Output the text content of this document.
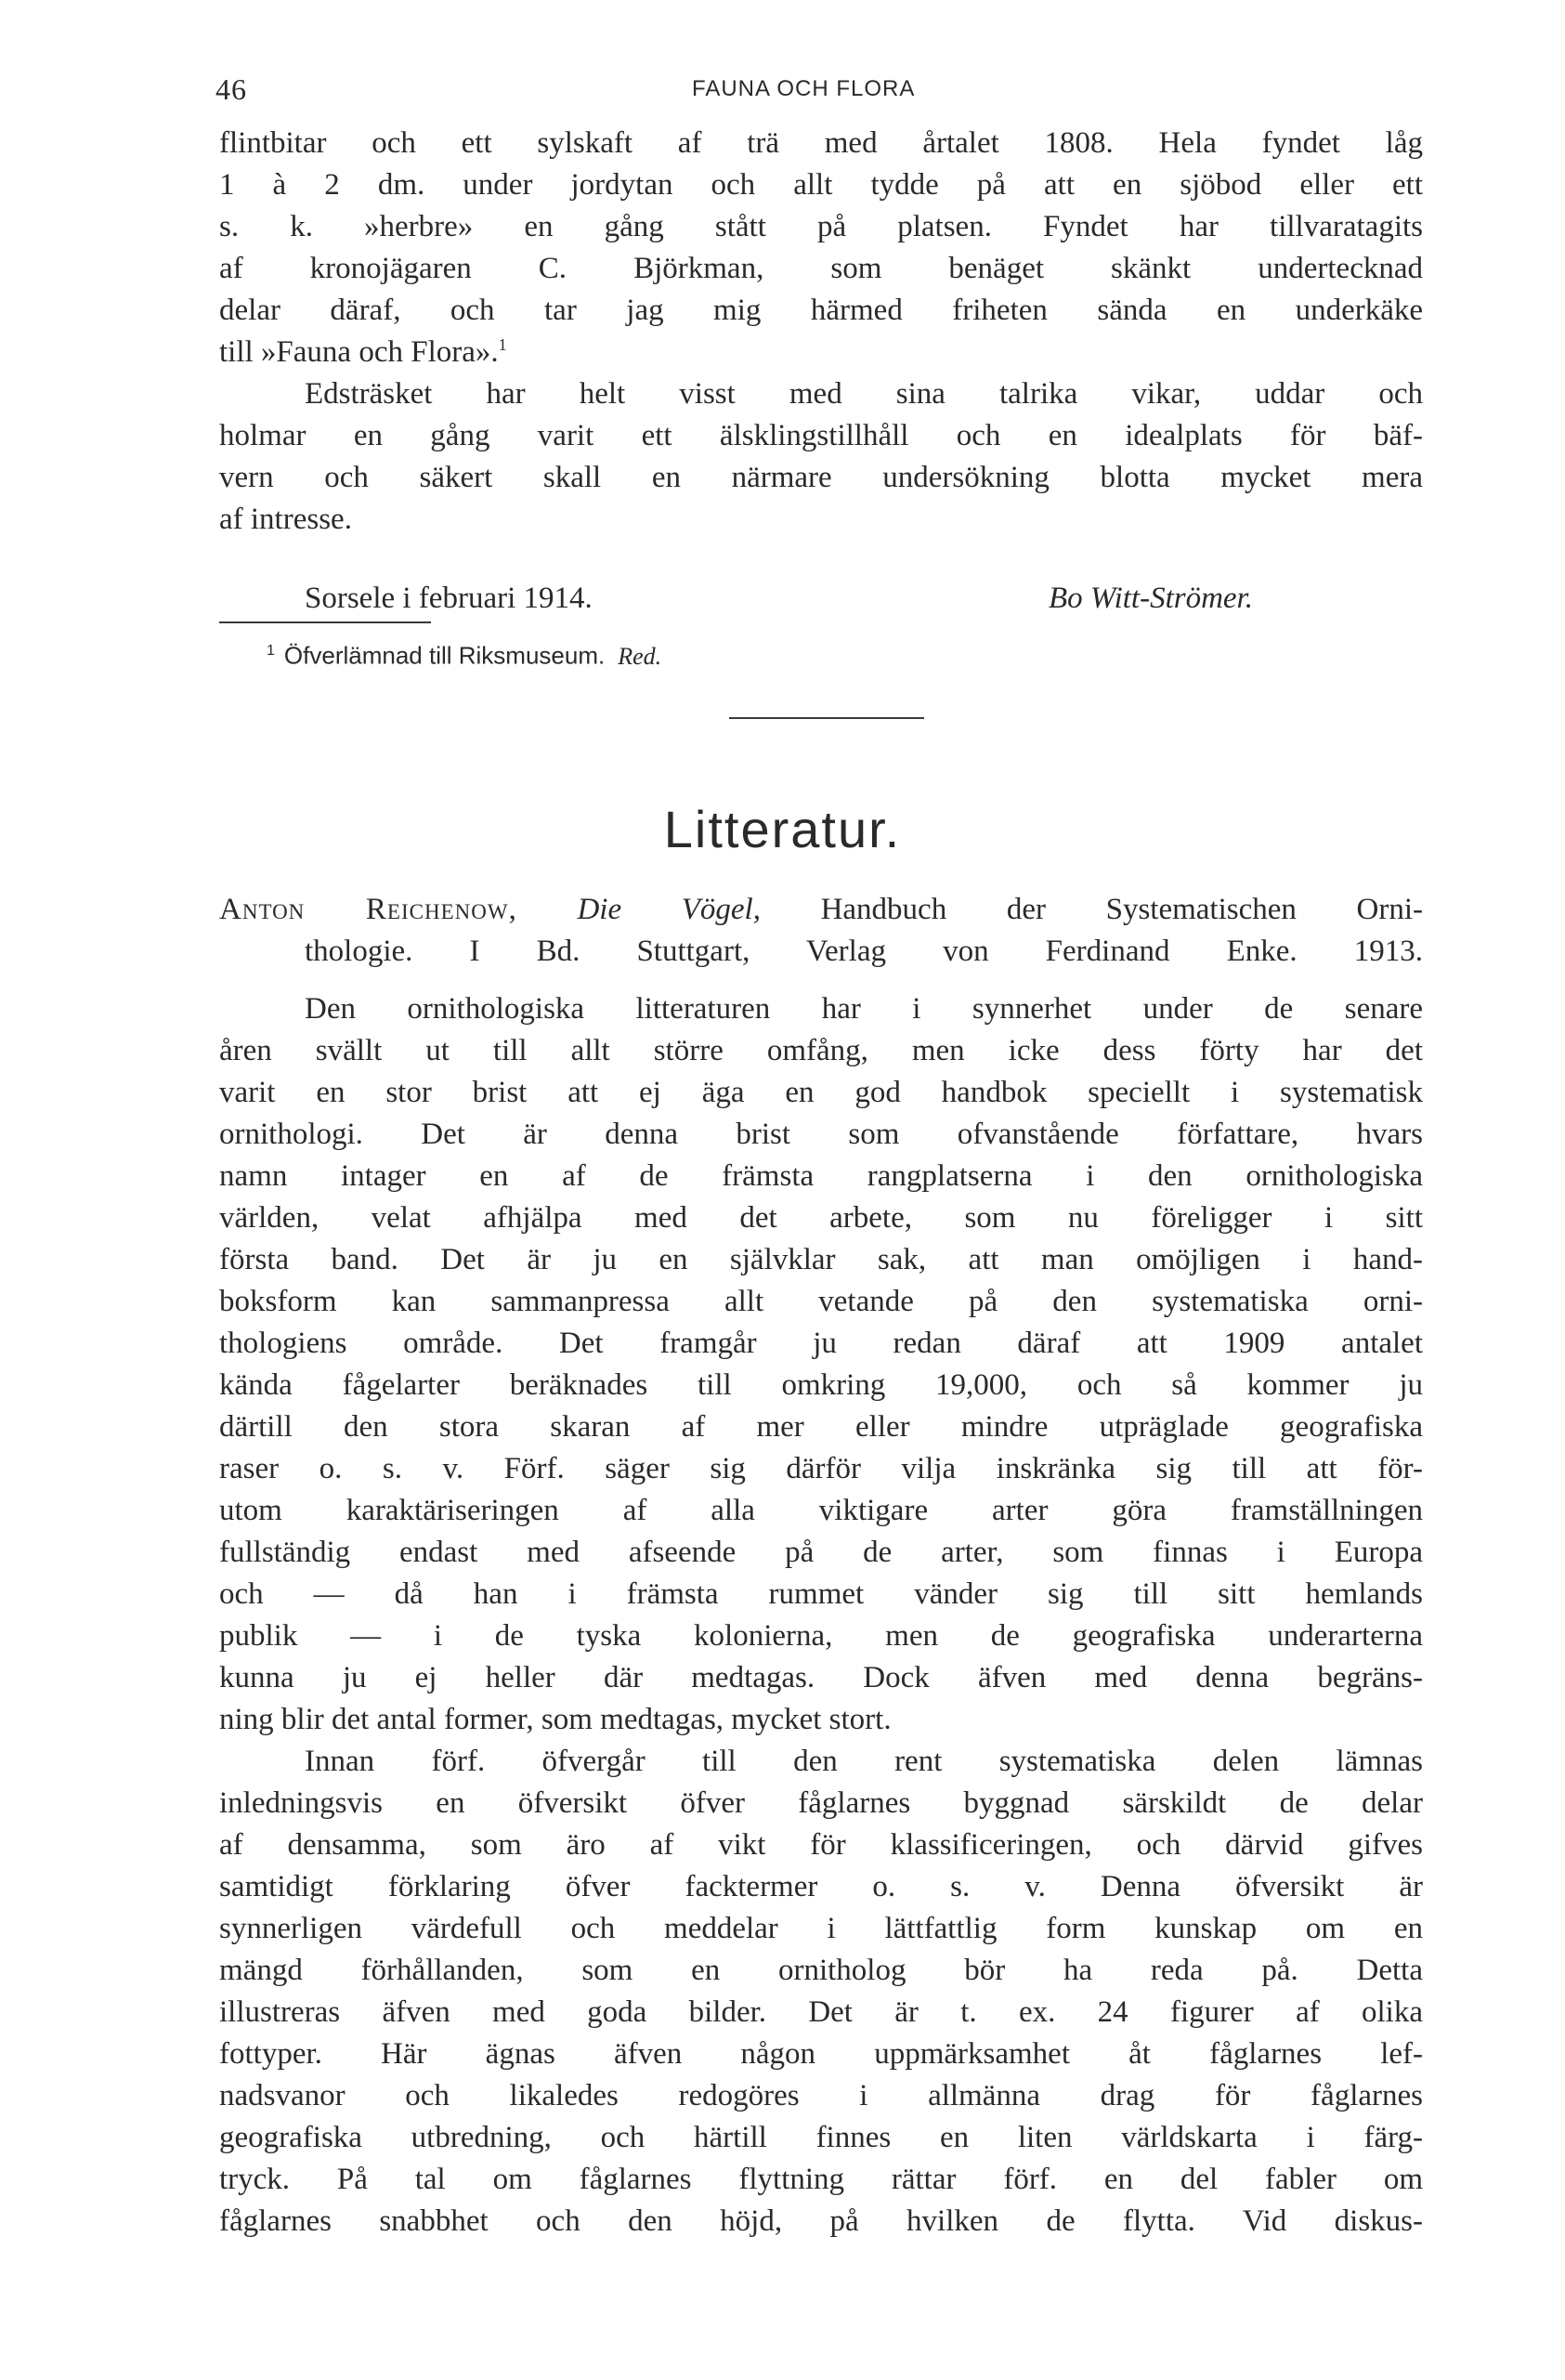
46	FAUNA OCH FLORA
flintbitar och ett sylskaft af trä med årtalet 1808. Hela fyndet låg
1 à 2 dm. under jordytan och allt tydde på att en sjöbod eller ett
s. k. »herbre» en gång stått på platsen. Fyndet har tillvaratagits
af kronojägaren C. Björkman, som benäget skänkt undertecknad
delar däraf, och tar jag mig härmed friheten sända en underkäke
till »Fauna och Flora».$^1$
Edsträsket har helt visst med sina talrika vikar, uddar och
holmar en gång varit ett älsklingstillhåll och en idealplats för bäf-
vern och säkert skall en närmare undersökning blotta mycket mera
af intresse.
Sorsele i februari 1914.	Bo Witt-Strömer.
$^1$ Öfverlämnad till Riksmuseum. Red.
Litteratur.
Anton Reichenow, Die Vögel, Handbuch der Systematischen Orni-
thologie. I Bd. Stuttgart, Verlag von Ferdinand Enke. 1913.
Den ornithologiska litteraturen har i synnerhet under de senare
åren svällt ut till allt större omfång, men icke dess förty har det
varit en stor brist att ej äga en god handbok speciellt i systematisk
ornithologi. Det är denna brist som ofvanstående författare, hvars
namn intager en af de främsta rangplatserna i den ornithologiska
världen, velat afhjälpa med det arbete, som nu föreligger i sitt
första band. Det är ju en självklar sak, att man omöjligen i hand-
boksform kan sammanpressa allt vetande på den systematiska orni-
thologiens område. Det framgår ju redan däraf att 1909 antalet
kända fågelarter beräknades till omkring 19,000, och så kommer ju
därtill den stora skaran af mer eller mindre utpräglade geografiska
raser o. s. v. Förf. säger sig därför vilja inskränka sig till att för-
utom karaktäriseringen af alla viktigare arter göra framställningen
fullständig endast med afseende på de arter, som finnas i Europa
och — då han i främsta rummet vänder sig till sitt hemlands
publik — i de tyska kolonierna, men de geografiska underarterna
kunna ju ej heller där medtagas. Dock äfven med denna begräns-
ning blir det antal former, som medtagas, mycket stort.
Innan förf. öfvergår till den rent systematiska delen lämnas
inledningsvis en öfversikt öfver fåglarnes byggnad särskildt de delar
af densamma, som äro af vikt för klassificeringen, och därvid gifves
samtidigt förklaring öfver facktermer o. s. v. Denna öfversikt är
synnerligen värdefull och meddelar i lättfattlig form kunskap om en
mängd förhållanden, som en ornitholog bör ha reda på. Detta
illustreras äfven med goda bilder. Det är t. ex. 24 figurer af olika
fottyper. Här ägnas äfven någon uppmärksamhet åt fåglarnes lef-
nadsvanor och likaledes redogöres i allmänna drag för fåglarnes
geografiska utbredning, och härtill finnes en liten världskarta i färg-
tryck. På tal om fåglarnes flyttning rättar förf. en del fabler om
fåglarnes snabbhet och den höjd, på hvilken de flytta. Vid diskus-
